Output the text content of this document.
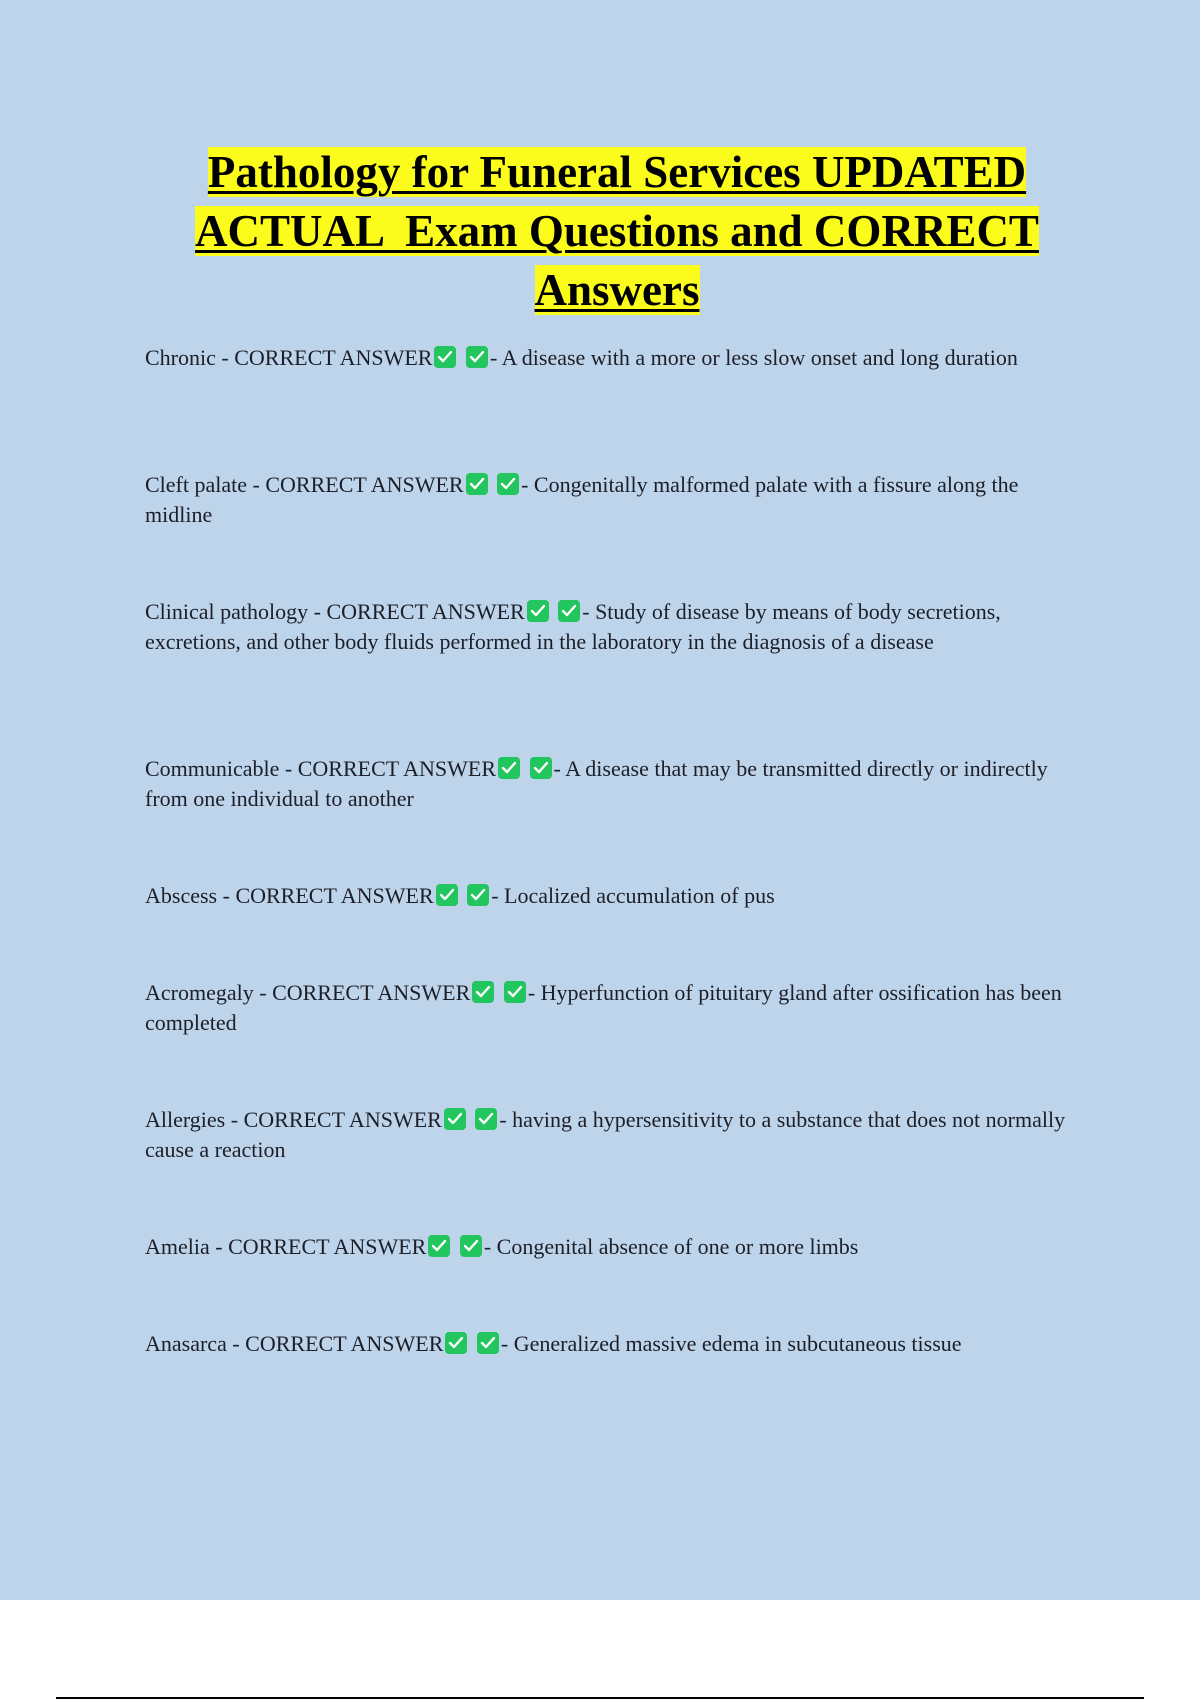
Pathology for Funeral Services UPDATED
ACTUAL  Exam Questions and CORRECT
Answers

Chronic - CORRECT ANSWER
	- A disease with a more or less slow onset and long duration

Cleft palate - CORRECT ANSWER
	- Congenitally malformed palate with a fissure along the midline

Clinical pathology - CORRECT ANSWER
	- Study of disease by means of body secretions, excretions, and other body fluids performed in the laboratory in the diagnosis of a disease

Communicable - CORRECT ANSWER
	- A disease that may be transmitted directly or indirectly from one individual to another

Abscess - CORRECT ANSWER
	- Localized accumulation of pus

Acromegaly - CORRECT ANSWER
	- Hyperfunction of pituitary gland after ossification has been completed

Allergies - CORRECT ANSWER
	- having a hypersensitivity to a substance that does not normally cause a reaction

Amelia - CORRECT ANSWER
	- Congenital absence of one or more limbs

Anasarca - CORRECT ANSWER
	- Generalized massive edema in subcutaneous tissue
